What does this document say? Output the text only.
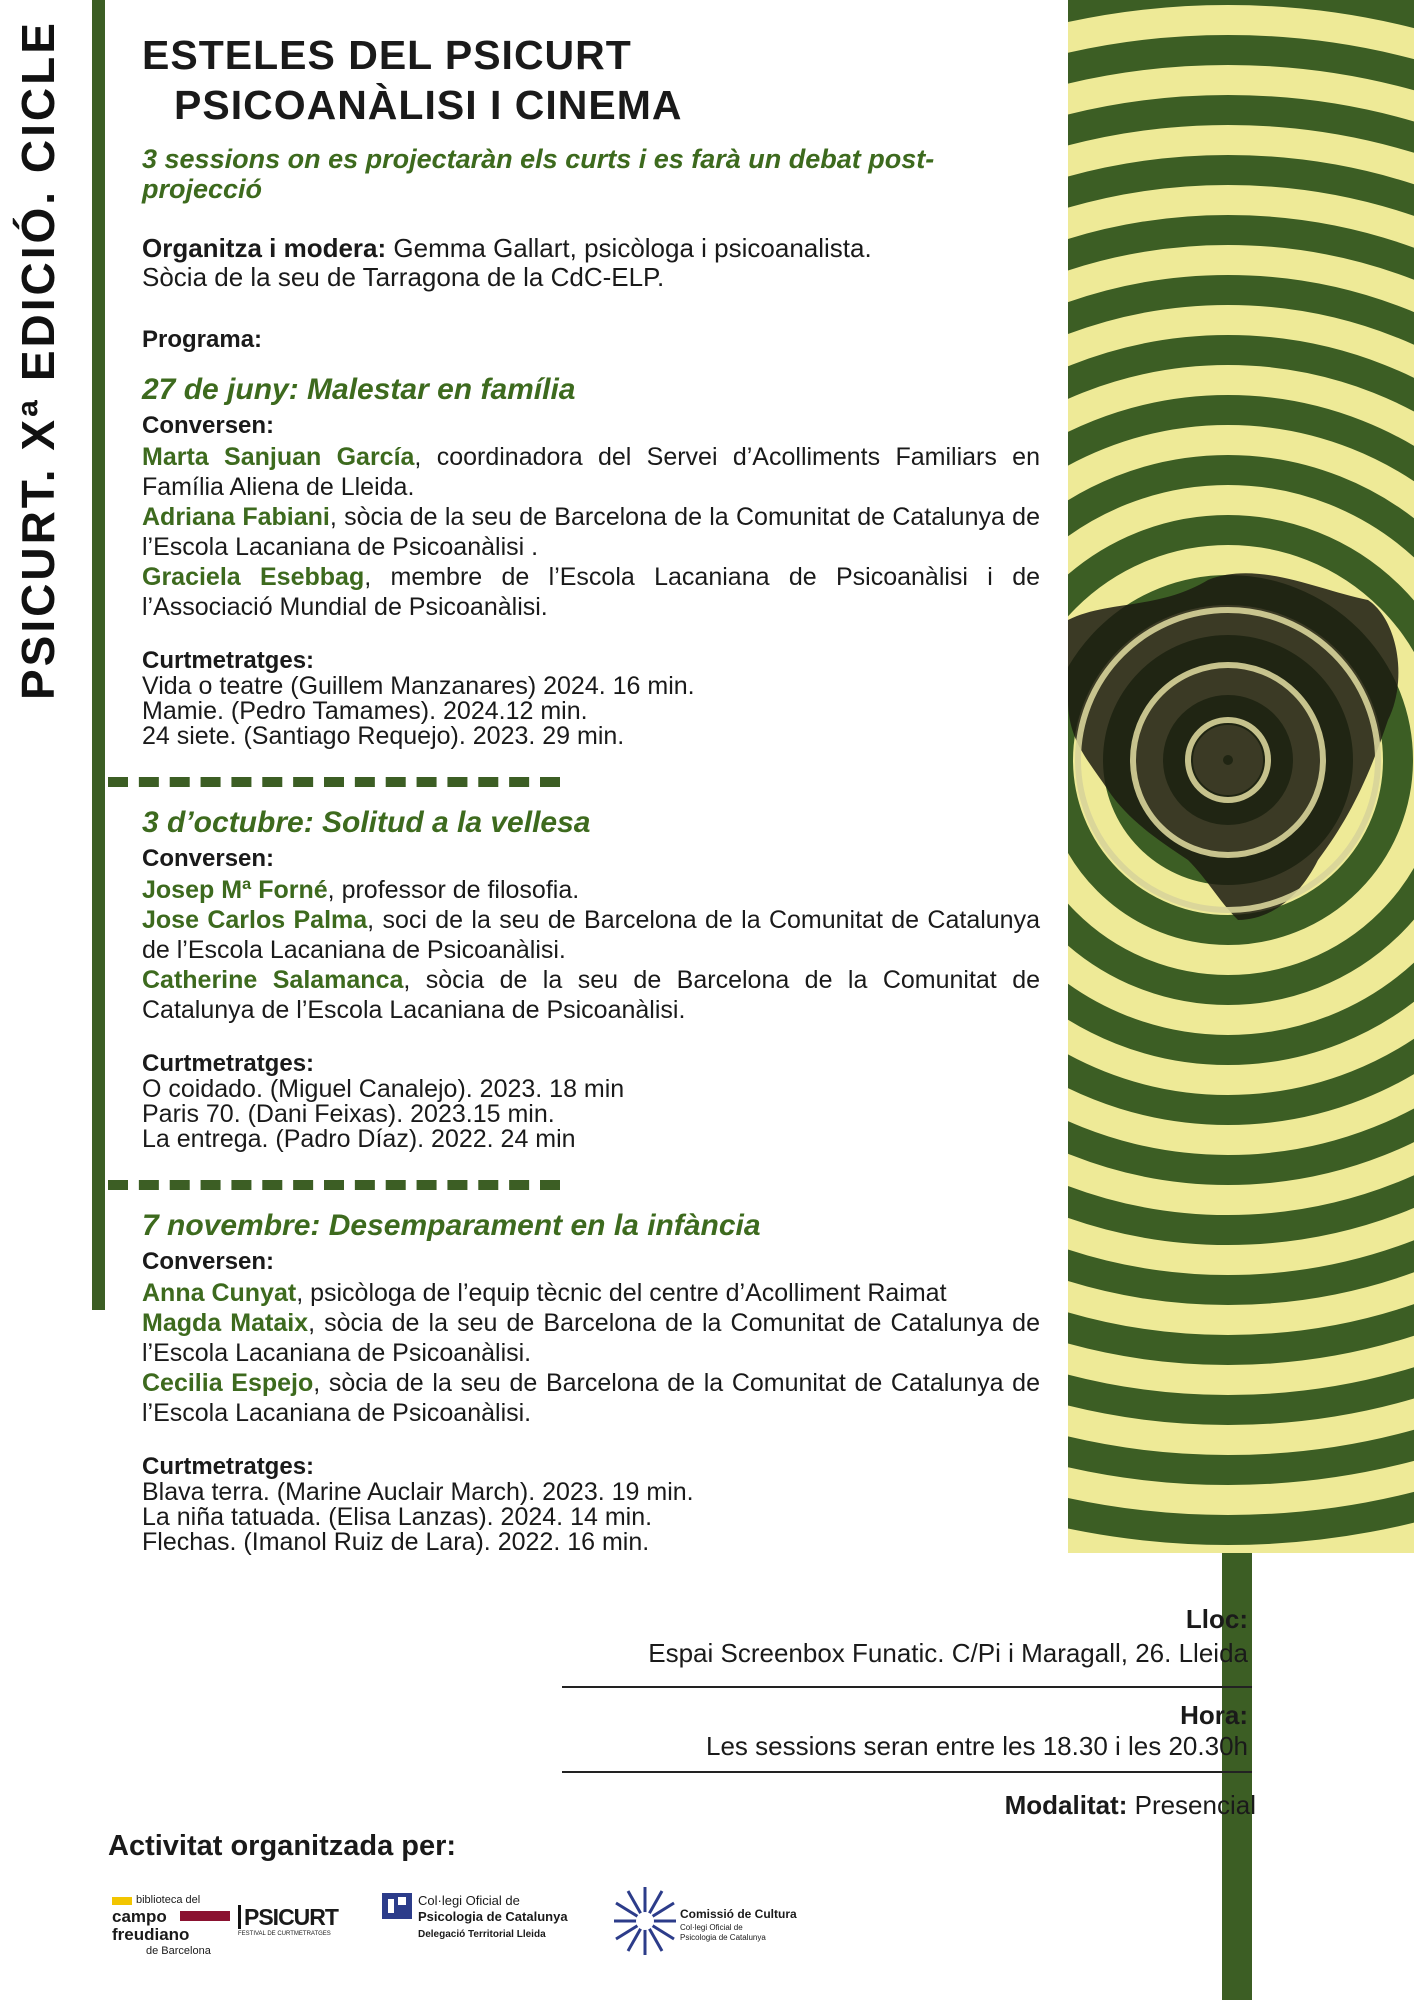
PSICURT. Xª EDICIÓ. CICLE ESTELES DEL PSICURT
PSICOANÀLISI I CINEMA
3 sessions on es projectaràn els curts i es farà un debat post-projecció

Organitza i modera: Gemma Gallart, psicòloga i psicoanalista.

Sòcia de la seu de Tarragona de la CdC-ELP.

Programa:
27 de juny: Malestar en família
Conversen:

Marta Sanjuan García, coordinadora del Servei d’Acolliments Familiars en Família Aliena de Lleida.

Adriana Fabiani, sòcia de la seu de Barcelona de la Comunitat de Catalunya de l’Escola Lacaniana de Psicoanàlisi .

Graciela Esebbag, membre de l’Escola Lacaniana de Psicoanàlisi i de l’Associació Mundial de Psicoanàlisi.

Curtmetratges:

Vida o teatre (Guillem Manzanares) 2024. 16 min.

Mamie. (Pedro Tamames). 2024.12 min.

24 siete. (Santiago Requejo). 2023. 29 min.

3 d’octubre: Solitud a la vellesa
Conversen:

Josep Mª Forné, professor de filosofia.

Jose Carlos Palma, soci de la seu de Barcelona de la Comunitat de Catalunya de l’Escola Lacaniana de Psicoanàlisi.

Catherine Salamanca, sòcia de la seu de Barcelona de la Comunitat de Catalunya de l’Escola Lacaniana de Psicoanàlisi.

Curtmetratges:

O coidado. (Miguel Canalejo). 2023. 18 min

Paris 70. (Dani Feixas). 2023.15 min.

La entrega. (Padro Díaz). 2022. 24 min

7 novembre: Desemparament en la infància
Conversen:

Anna Cunyat, psicòloga de l’equip tècnic del centre d’Acolliment Raimat

Magda Mataix, sòcia de la seu de Barcelona de la Comunitat de Catalunya de l’Escola Lacaniana de Psicoanàlisi.

Cecilia Espejo, sòcia de la seu de Barcelona de la Comunitat de Catalunya de l’Escola Lacaniana de Psicoanàlisi.

Curtmetratges:

Blava terra. (Marine Auclair March). 2023. 19 min.

La niña tatuada. (Elisa Lanzas). 2024. 14 min.

Flechas. (Imanol Ruiz de Lara). 2022. 16 min.

Lloc:
Espai Screenbox Funatic. C/Pi i Maragall, 26. Lleida
Hora:
Les sessions seran entre les 18.30 i les 20.30h
Modalitat: Presencial
Activitat organitzada per:
biblioteca del
campo
freudiano
de Barcelona
PSICURT
FESTIVAL DE CURTMETRATGES
Col·legi Oficial de
Psicologia de Catalunya
Delegació Territorial Lleida
Comissió de Cultura
Col·legi Oficial de
Psicologia de Catalunya
